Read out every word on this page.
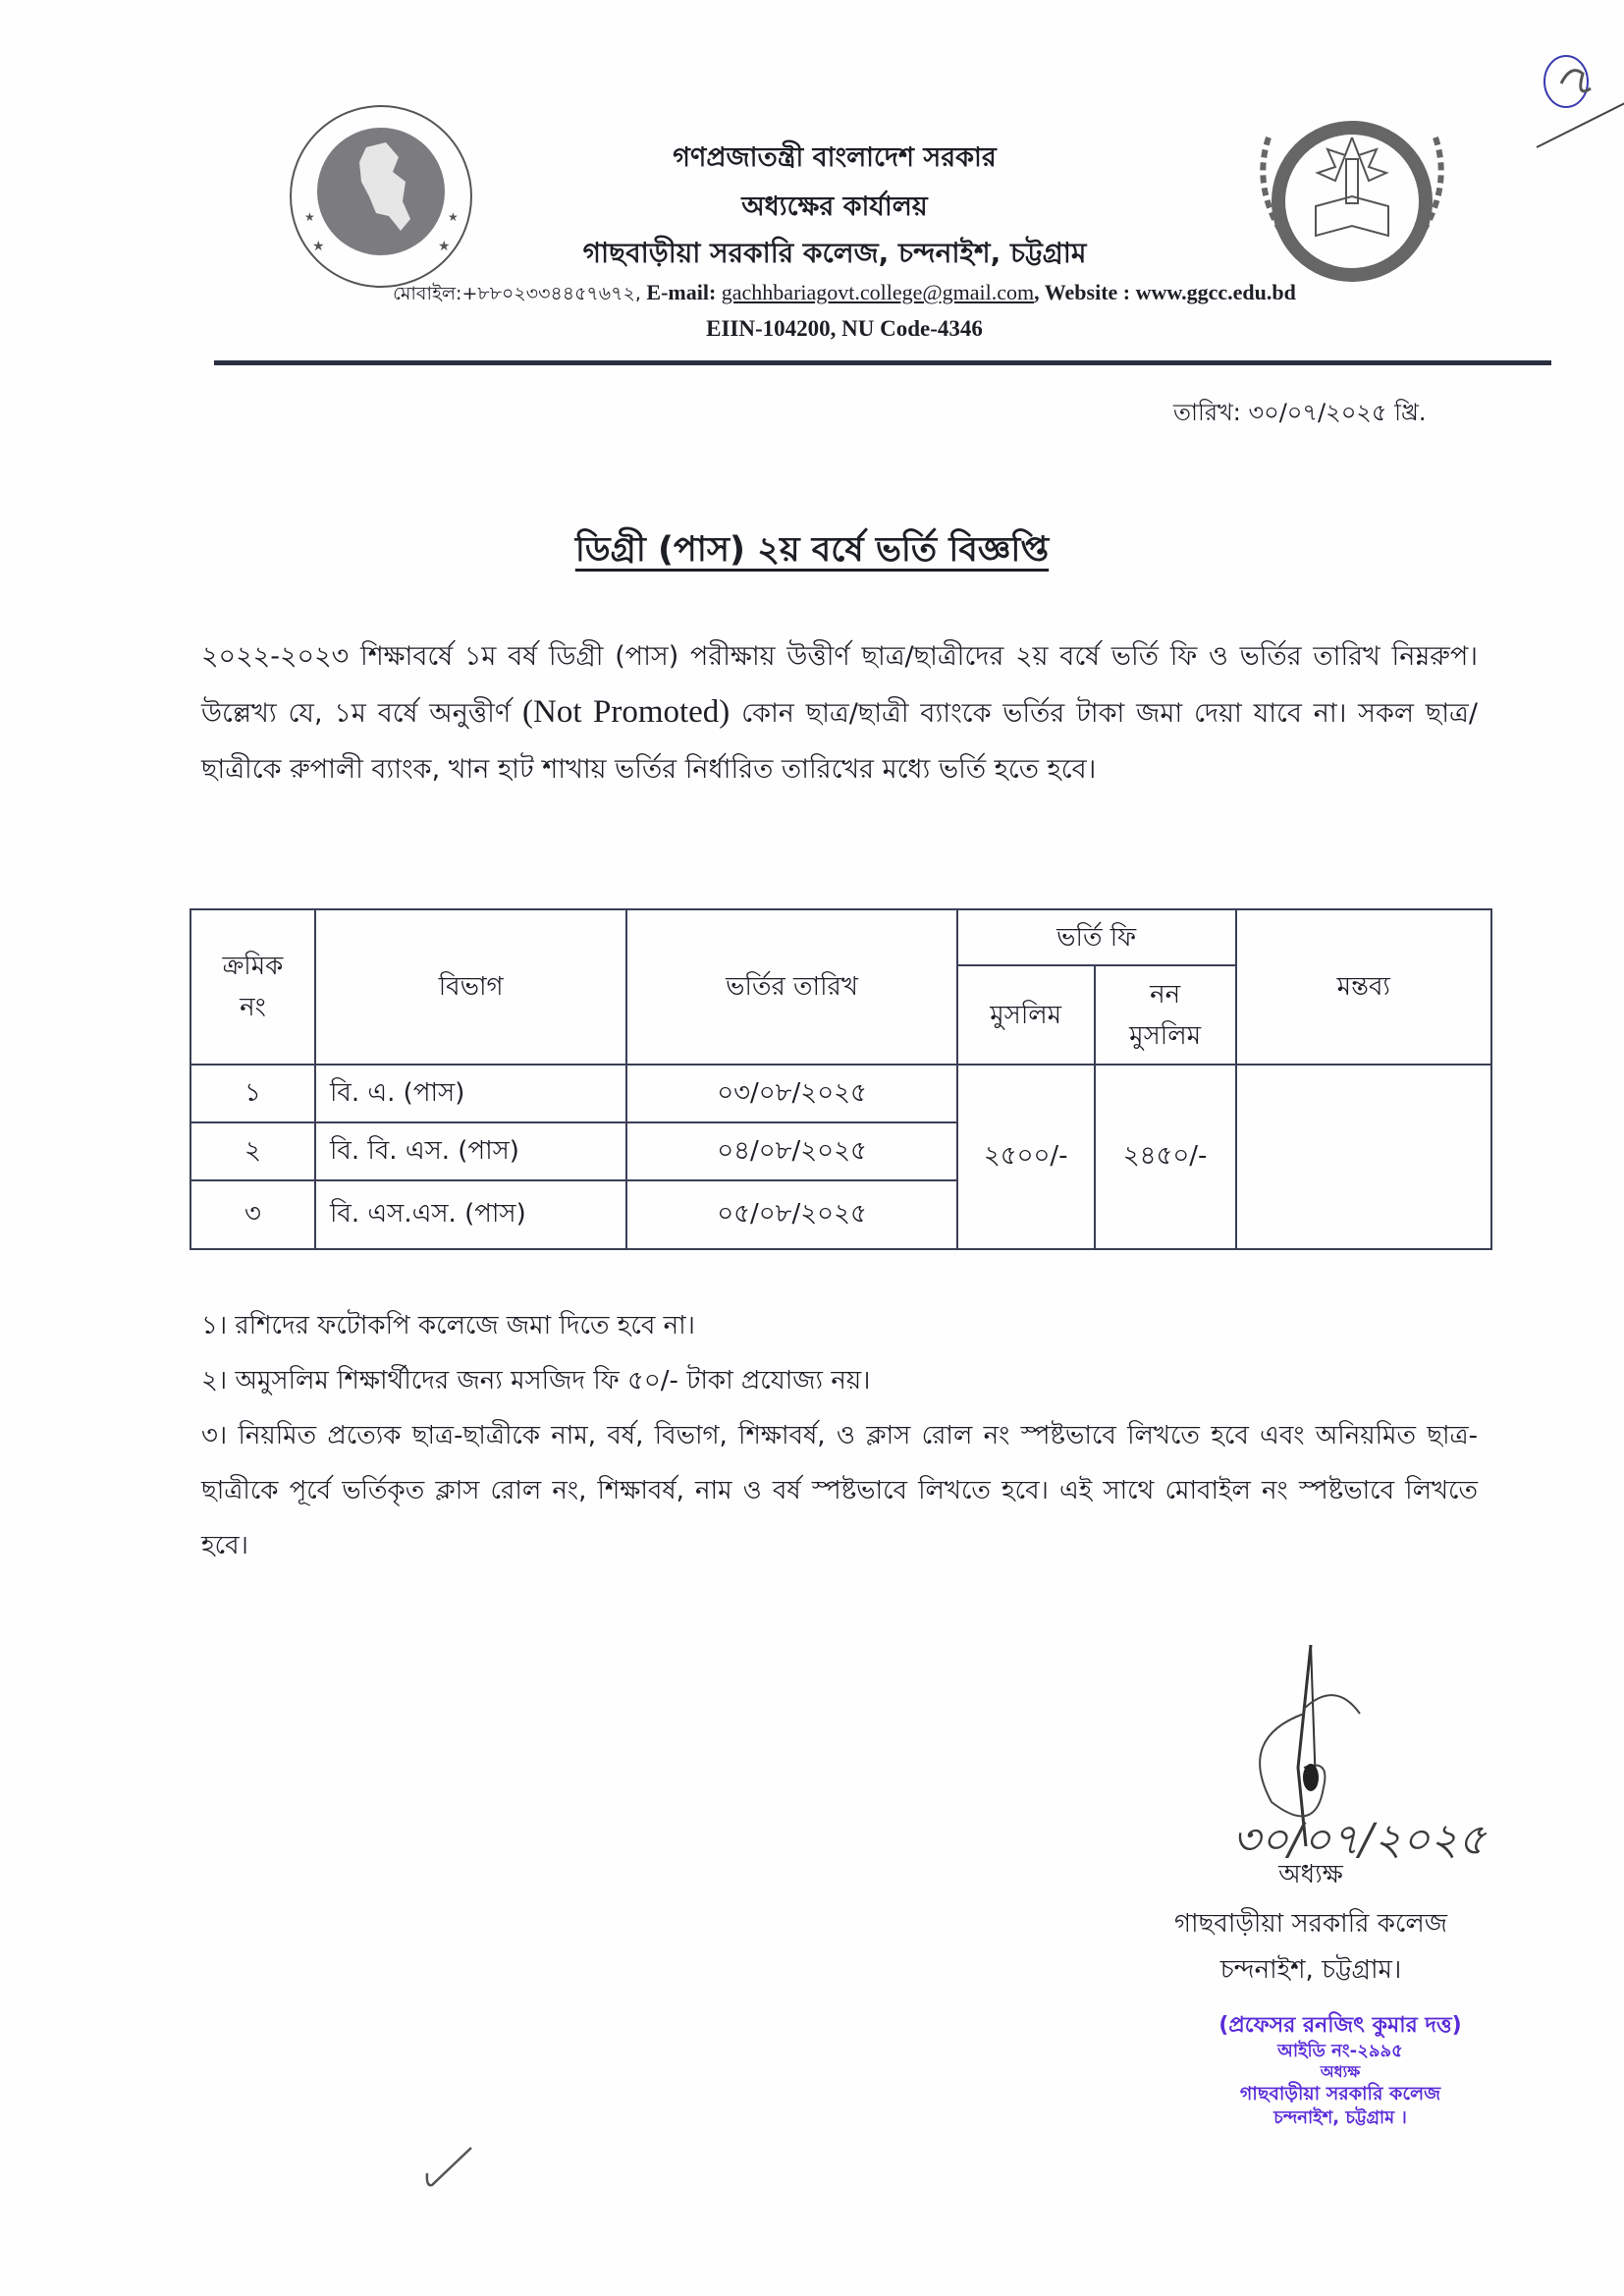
★	★
★	★
গণপ্রজাতন্ত্রী বাংলাদেশ সরকার
অধ্যক্ষের কার্যালয়
গাছবাড়ীয়া সরকারি কলেজ, চন্দনাইশ, চট্টগ্রাম
মোবাইল:+৮৮০২৩৩৪৪৫৭৬৭২, E-mail: gachhbariagovt.college@gmail.com, Website : www.ggcc.edu.bd
EIIN-104200, NU Code-4346
তারিখ: ৩০/০৭/২০২৫ খ্রি.
ডিগ্রী (পাস) ২য় বর্ষে ভর্তি বিজ্ঞপ্তি
২০২২-২০২৩ শিক্ষাবর্ষে ১ম বর্ষ ডিগ্রী (পাস) পরীক্ষায় উত্তীর্ণ ছাত্র/ছাত্রীদের ২য় বর্ষে ভর্তি ফি ও ভর্তির তারিখ নিম্নরুপ। উল্লেখ্য যে, ১ম বর্ষে অনুত্তীর্ণ (Not Promoted) কোন ছাত্র/ছাত্রী ব্যাংকে ভর্তির টাকা জমা দেয়া যাবে না। সকল ছাত্র/ছাত্রীকে রুপালী ব্যাংক, খান হাট শাখায় ভর্তির নির্ধারিত তারিখের মধ্যে ভর্তি হতে হবে।
ক্রমিক নং	বিভাগ	ভর্তির তারিখ	ভর্তি ফি		মন্তব্য
			মুসলিম	নন মুসলিম	
১	বি. এ. (পাস)	০৩/০৮/২০২৫	২৫০০/-	২৪৫০/-	
২	বি. বি. এস. (পাস)	০৪/০৮/২০২৫			
৩	বি. এস.এস. (পাস)	০৫/০৮/২০২৫			
১। রশিদের ফটোকপি কলেজে জমা দিতে হবে না।
২। অমুসলিম শিক্ষার্থীদের জন্য মসজিদ ফি ৫০/- টাকা প্রযোজ্য নয়।
৩। নিয়মিত প্রত্যেক ছাত্র-ছাত্রীকে নাম, বর্ষ, বিভাগ, শিক্ষাবর্ষ, ও ক্লাস রোল নং স্পষ্টভাবে লিখতে হবে এবং অনিয়মিত ছাত্র-ছাত্রীকে পূর্বে ভর্তিকৃত ক্লাস রোল নং, শিক্ষাবর্ষ, নাম ও বর্ষ স্পষ্টভাবে লিখতে হবে। এই সাথে মোবাইল নং স্পষ্টভাবে লিখতে হবে।
৩০/০৭/২০২৫
অধ্যক্ষ
গাছবাড়ীয়া সরকারি কলেজ
চন্দনাইশ, চট্টগ্রাম।
(প্রফেসর রনজিৎ কুমার দত্ত)
আইডি নং-২৯৯৫
অধ্যক্ষ
গাছবাড়ীয়া সরকারি কলেজ
চন্দনাইশ, চট্টগ্রাম ।
